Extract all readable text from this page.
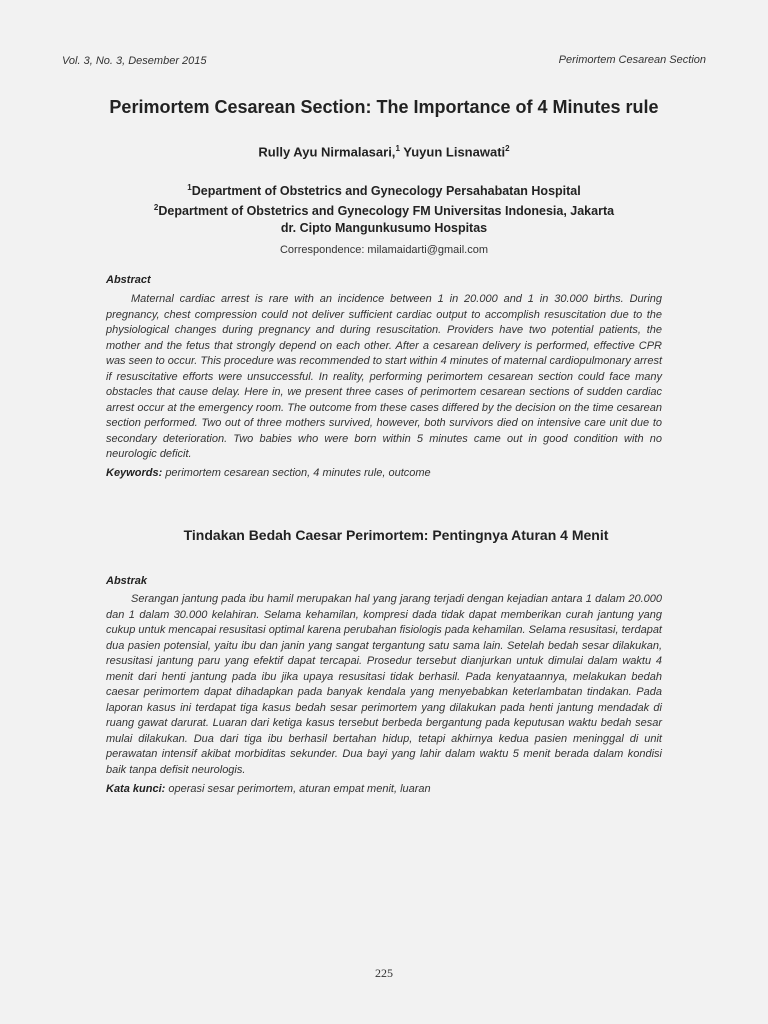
Vol. 3, No. 3, Desember 2015	Perimortem Cesarean Section
Perimortem Cesarean Section: The Importance of 4 Minutes rule
Rully Ayu Nirmalasari,$^1$ Yuyun Lisnawati$^2$
$^1$Department of Obstetrics and Gynecology Persahabatan Hospital
$^2$Department of Obstetrics and Gynecology FM Universitas Indonesia, Jakarta
dr. Cipto Mangunkusumo Hospitas
Correspondence: milamaidarti@gmail.com
Abstract

Maternal cardiac arrest is rare with an incidence between 1 in 20.000 and 1 in 30.000 births. During pregnancy, chest compression could not deliver sufficient cardiac output to accomplish resuscitation due to the physiological changes during pregnancy and during resuscitation. Providers have two potential patients, the mother and the fetus that strongly depend on each other. After a cesarean delivery is performed, effective CPR was seen to occur. This procedure was recommended to start within 4 minutes of maternal cardiopulmonary arrest if resuscitative efforts were unsuccessful. In reality, performing perimortem cesarean section could face many obstacles that cause delay. Here in, we present three cases of perimortem cesarean sections of sudden cardiac arrest occur at the emergency room. The outcome from these cases differed by the decision on the time cesarean section performed. Two out of three mothers survived, however, both survivors died on intensive care unit due to secondary deterioration. Two babies who were born within 5 minutes came out in good condition with no neurologic deficit.

Keywords: perimortem cesarean section, 4 minutes rule, outcome
Tindakan Bedah Caesar Perimortem: Pentingnya Aturan 4 Menit
Abstrak

Serangan jantung pada ibu hamil merupakan hal yang jarang terjadi dengan kejadian antara 1 dalam 20.000 dan 1 dalam 30.000 kelahiran. Selama kehamilan, kompresi dada tidak dapat memberikan curah jantung yang cukup untuk mencapai resusitasi optimal karena perubahan fisiologis pada kehamilan. Selama resusitasi, terdapat dua pasien potensial, yaitu ibu dan janin yang sangat tergantung satu sama lain. Setelah bedah sesar dilakukan, resusitasi jantung paru yang efektif dapat tercapai. Prosedur tersebut dianjurkan untuk dimulai dalam waktu 4 menit dari henti jantung pada ibu jika upaya resusitasi tidak berhasil. Pada kenyataannya, melakukan bedah caesar perimortem dapat dihadapkan pada banyak kendala yang menyebabkan keterlambatan tindakan. Pada laporan kasus ini terdapat tiga kasus bedah sesar perimortem yang dilakukan pada henti jantung mendadak di ruang gawat darurat. Luaran dari ketiga kasus tersebut berbeda bergantung pada keputusan waktu bedah sesar mulai dilakukan. Dua dari tiga ibu berhasil bertahan hidup, tetapi akhirnya kedua pasien meninggal di unit perawatan intensif akibat morbiditas sekunder. Dua bayi yang lahir dalam waktu 5 menit berada dalam kondisi baik tanpa defisit neurologis.

Kata kunci: operasi sesar perimortem, aturan empat menit, luaran
225
